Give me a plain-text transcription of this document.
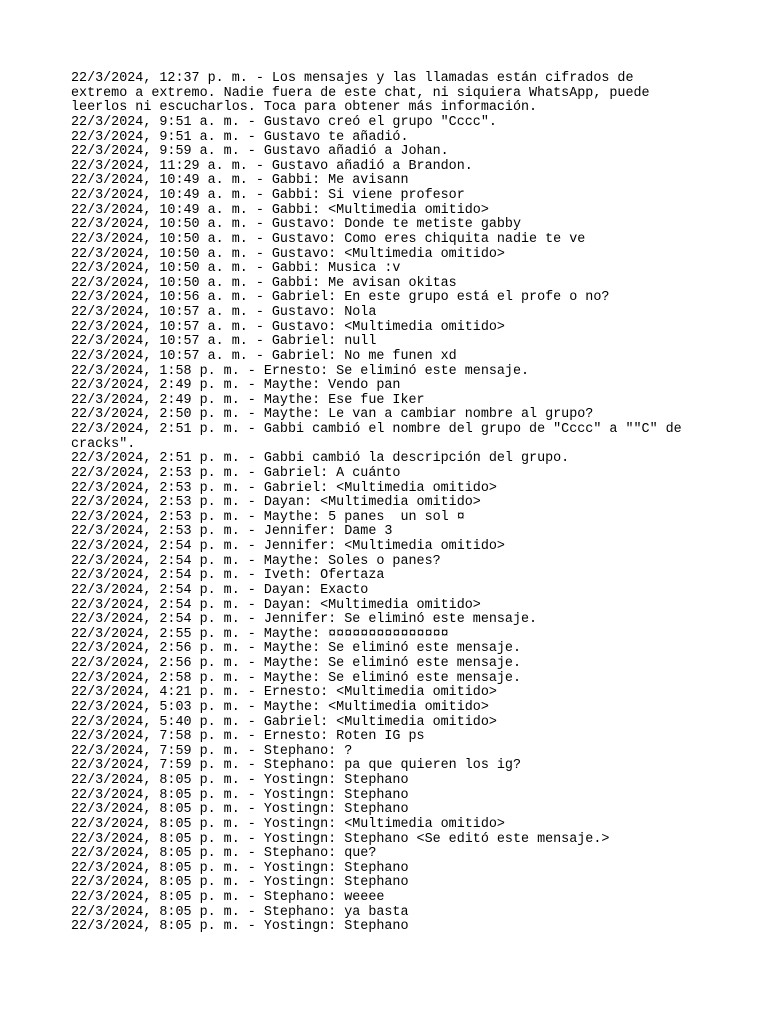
22/3/2024, 12:37 p. m. - Los mensajes y las llamadas están cifrados de extremo a extremo. Nadie fuera de este chat, ni siquiera WhatsApp, puede leerlos ni escucharlos. Toca para obtener más información.
22/3/2024, 9:51 a. m. - Gustavo creó el grupo "Cccc".
22/3/2024, 9:51 a. m. - Gustavo te añadió.
22/3/2024, 9:59 a. m. - Gustavo añadió a Johan.
22/3/2024, 11:29 a. m. - Gustavo añadió a Brandon.
22/3/2024, 10:49 a. m. - Gabbi: Me avisann
22/3/2024, 10:49 a. m. - Gabbi: Si viene profesor
22/3/2024, 10:49 a. m. - Gabbi: <Multimedia omitido>
22/3/2024, 10:50 a. m. - Gustavo: Donde te metiste gabby
22/3/2024, 10:50 a. m. - Gustavo: Como eres chiquita nadie te ve
22/3/2024, 10:50 a. m. - Gustavo: <Multimedia omitido>
22/3/2024, 10:50 a. m. - Gabbi: Musica :v
22/3/2024, 10:50 a. m. - Gabbi: Me avisan okitas
22/3/2024, 10:56 a. m. - Gabriel: En este grupo está el profe o no?
22/3/2024, 10:57 a. m. - Gustavo: Nola
22/3/2024, 10:57 a. m. - Gustavo: <Multimedia omitido>
22/3/2024, 10:57 a. m. - Gabriel: null
22/3/2024, 10:57 a. m. - Gabriel: No me funen xd
22/3/2024, 1:58 p. m. - Ernesto: Se eliminó este mensaje.
22/3/2024, 2:49 p. m. - Maythe: Vendo pan
22/3/2024, 2:49 p. m. - Maythe: Ese fue Iker
22/3/2024, 2:50 p. m. - Maythe: Le van a cambiar nombre al grupo?
22/3/2024, 2:51 p. m. - Gabbi cambió el nombre del grupo de "Cccc" a ""C" de cracks".
22/3/2024, 2:51 p. m. - Gabbi cambió la descripción del grupo.
22/3/2024, 2:53 p. m. - Gabriel: A cuánto
22/3/2024, 2:53 p. m. - Gabriel: <Multimedia omitido>
22/3/2024, 2:53 p. m. - Dayan: <Multimedia omitido>
22/3/2024, 2:53 p. m. - Maythe: 5 panes  un sol ¤
22/3/2024, 2:53 p. m. - Jennifer: Dame 3
22/3/2024, 2:54 p. m. - Jennifer: <Multimedia omitido>
22/3/2024, 2:54 p. m. - Maythe: Soles o panes?
22/3/2024, 2:54 p. m. - Iveth: Ofertaza
22/3/2024, 2:54 p. m. - Dayan: Exacto
22/3/2024, 2:54 p. m. - Dayan: <Multimedia omitido>
22/3/2024, 2:54 p. m. - Jennifer: Se eliminó este mensaje.
22/3/2024, 2:55 p. m. - Maythe: ¤¤¤¤¤¤¤¤¤¤¤¤¤¤¤
22/3/2024, 2:56 p. m. - Maythe: Se eliminó este mensaje.
22/3/2024, 2:56 p. m. - Maythe: Se eliminó este mensaje.
22/3/2024, 2:58 p. m. - Maythe: Se eliminó este mensaje.
22/3/2024, 4:21 p. m. - Ernesto: <Multimedia omitido>
22/3/2024, 5:03 p. m. - Maythe: <Multimedia omitido>
22/3/2024, 5:40 p. m. - Gabriel: <Multimedia omitido>
22/3/2024, 7:58 p. m. - Ernesto: Roten IG ps
22/3/2024, 7:59 p. m. - Stephano: ?
22/3/2024, 7:59 p. m. - Stephano: pa que quieren los ig?
22/3/2024, 8:05 p. m. - Yostingn: Stephano
22/3/2024, 8:05 p. m. - Yostingn: Stephano
22/3/2024, 8:05 p. m. - Yostingn: Stephano
22/3/2024, 8:05 p. m. - Yostingn: <Multimedia omitido>
22/3/2024, 8:05 p. m. - Yostingn: Stephano <Se editó este mensaje.>
22/3/2024, 8:05 p. m. - Stephano: que?
22/3/2024, 8:05 p. m. - Yostingn: Stephano
22/3/2024, 8:05 p. m. - Yostingn: Stephano
22/3/2024, 8:05 p. m. - Stephano: weeee
22/3/2024, 8:05 p. m. - Stephano: ya basta
22/3/2024, 8:05 p. m. - Yostingn: Stephano
